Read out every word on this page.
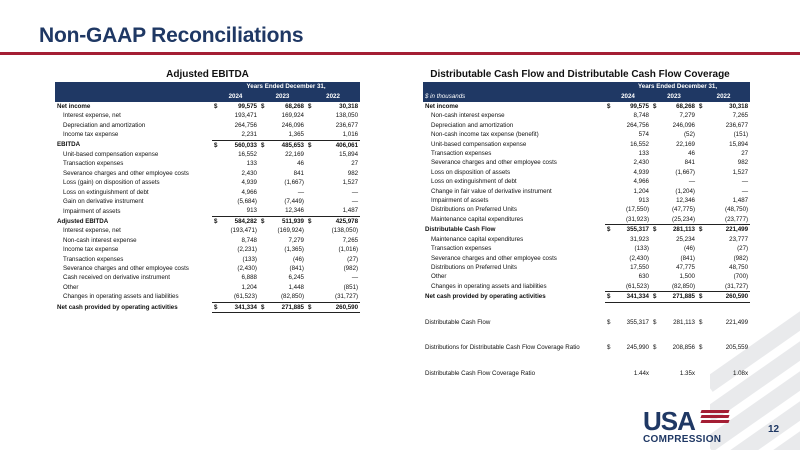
Non-GAAP Reconciliations
Adjusted EBITDA	Distributable Cash Flow and Distributable Cash Flow Coverage
	Years Ended December 31,					
	2024		2023		2022	
Net income	$	99,575	$	68,268	$	30,318
Interest expense, net		193,471		169,924		138,050
Depreciation and amortization		264,756		246,096		236,677
Income tax expense		2,231		1,365		1,016
EBITDA	$	560,033	$	485,653	$	406,061
Unit-based compensation expense		16,552		22,169		15,894
Transaction expenses		133		46		27
Severance charges and other employee costs		2,430		841		982
Loss (gain) on disposition of assets		4,939		(1,667)		1,527
Loss on extinguishment of debt		4,966		—		—
Gain on derivative instrument		(5,684)		(7,449)		—
Impairment of assets		913		12,346		1,487
Adjusted EBITDA	$	584,282	$	511,939	$	425,978
Interest expense, net		(193,471)		(169,924)		(138,050)
Non-cash interest expense		8,748		7,279		7,265
Income tax expense		(2,231)		(1,365)		(1,016)
Transaction expenses		(133)		(46)		(27)
Severance charges and other employee costs		(2,430)		(841)		(982)
Cash received on derivative instrument		6,888		6,245		—
Other		1,204		1,448		(851)
Changes in operating assets and liabilities		(61,523)		(82,850)		(31,727)
Net cash provided by operating activities	$	341,334	$	271,885	$	260,590
	Years Ended December 31,					
$ in thousands	2024		2023		2022	
Net income	$	99,575	$	68,268	$	30,318
Non-cash interest expense		8,748		7,279		7,265
Depreciation and amortization		264,756		246,096		236,677
Non-cash income tax expense (benefit)		574		(52)		(151)
Unit-based compensation expense		16,552		22,169		15,894
Transaction expenses		133		46		27
Severance charges and other employee costs		2,430		841		982
Loss on disposition of assets		4,939		(1,667)		1,527
Loss on extinguishment of debt		4,966		—		—
Change in fair value of derivative instrument		1,204		(1,204)		—
Impairment of assets		913		12,346		1,487
Distributions on Preferred Units		(17,550)		(47,775)		(48,750)
Maintenance capital expenditures		(31,923)		(25,234)		(23,777)
Distributable Cash Flow	$	355,317	$	281,113	$	221,499
Maintenance capital expenditures		31,923		25,234		23,777
Transaction expenses		(133)		(46)		(27)
Severance charges and other employee costs		(2,430)		(841)		(982)
Distributions on Preferred Units		17,550		47,775		48,750
Other		630		1,500		(700)
Changes in operating assets and liabilities		(61,523)		(82,850)		(31,727)
Net cash provided by operating activities	$	341,334	$	271,885	$	260,590

Distributable Cash Flow	$	355,317	$	281,113	$	221,499

Distributions for Distributable Cash Flow Coverage Ratio	$	245,990	$	208,856	$	205,559

Distributable Cash Flow Coverage Ratio		1.44x		1.35x		1.08x
USA
COMPRESSION
12
